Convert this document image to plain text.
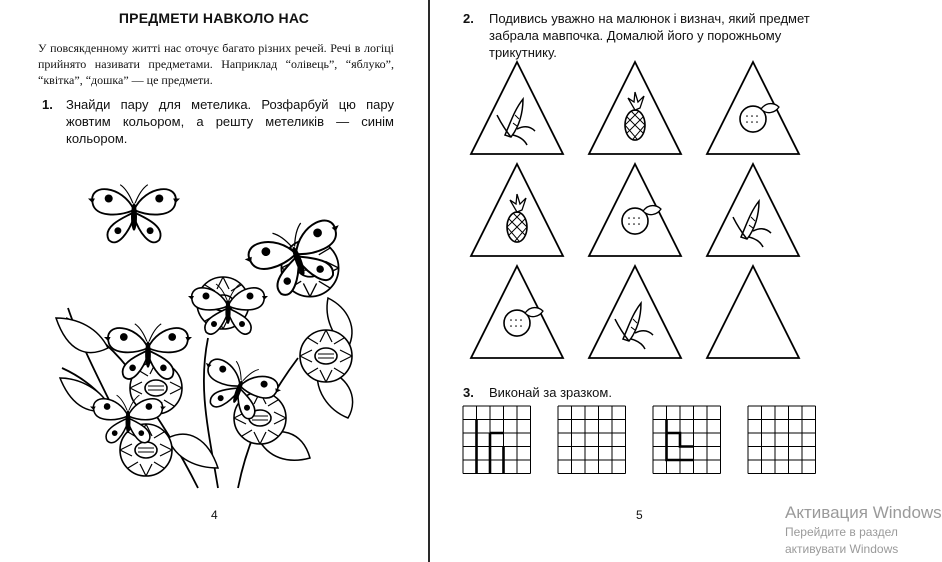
ПРЕДМЕТИ НАВКОЛО НАС
У повсякденному житті нас оточує багато різних речей. Речі в логіці прийнято називати предметами. Наприклад “олівець”, “яблуко”, “квітка”, “дошка” — це предмети.
1. Знайди пару для метелика. Розфарбуй цю пару жовтим кольором, а решту метеликів — синім кольором.
4
2. Подивись уважно на малюнок і визнач, який предмет забрала мавпочка. Домалюй його у порожньому трикутнику.
3. Виконай за зразком.
5	Активация Windows
Перейдите в раздел
активувати Windows
